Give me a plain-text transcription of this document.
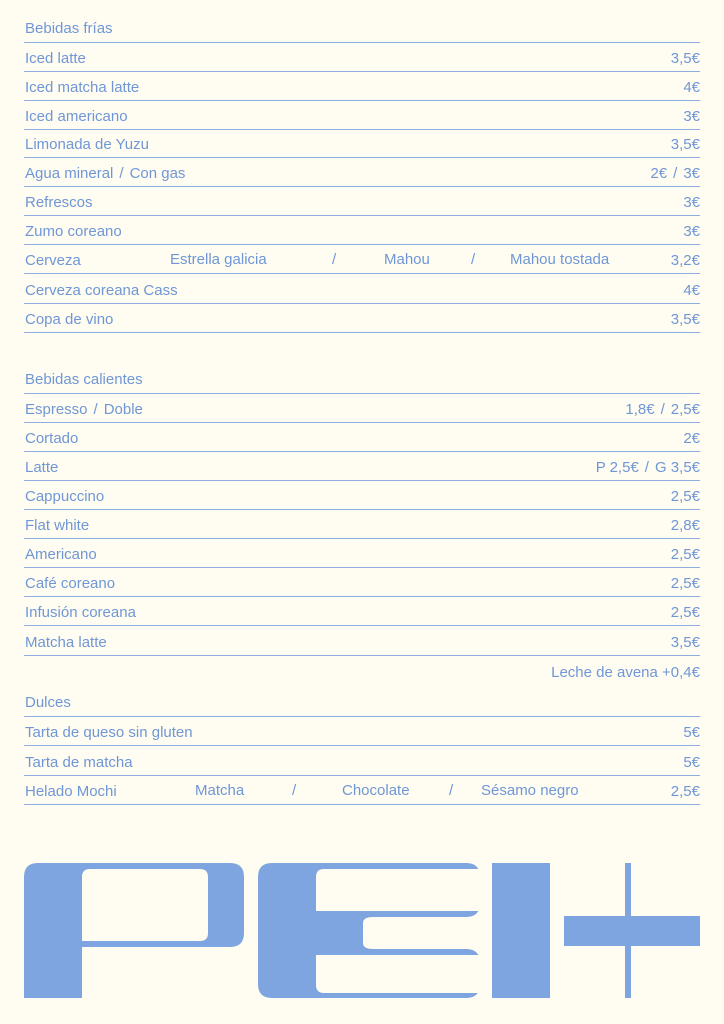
Bebidas frías
Iced latte	3,5€
Iced matcha latte	4€
Iced americano	3€
Limonada de Yuzu	3,5€
Agua mineral / Con gas	2€ / 3€
Refrescos	3€
Zumo coreano	3€
Cerveza	Estrella galicia	/	Mahou	/ Mahou tostada	3,2€
Cerveza coreana Cass	4€
Copa de vino	3,5€
Bebidas calientes
Espresso / Doble	1,8€ / 2,5€
Cortado	2€
Latte	P 2,5€ / G 3,5€
Cappuccino	2,5€
Flat white	2,8€
Americano	2,5€
Café coreano	2,5€
Infusión coreana	2,5€
Matcha latte	3,5€
Leche de avena +0,4€
Dulces
Tarta de queso sin gluten	5€
Tarta de matcha	5€
Helado Mochi	Matcha	/	Chocolate	/ Sésamo negro	2,5€
